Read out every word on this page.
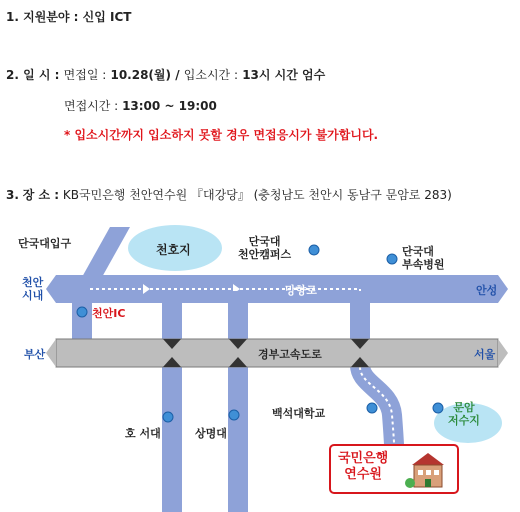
1. 지원분야 : 신입 ICT
2. 일 시 : 면접일 : 10.28(월) / 입소시간 : 13시 시간 엄수
면접시간 : 13:00 ~ 19:00
* 입소시간까지 입소하지 못할 경우 면접응시가 불가합니다.
3. 장 소 : KB국민은행 천안연수원 『대강당』 (충청남도 천안시 동남구 문암로 283)
단국대입구	천호지
단국대
천안캠퍼스	단국대
부속병원
천안
시내
천안IC
망향로	안성
부산	경부고속도로	서울
호 서대	상명대
백석대학교	문암
저수지
국민은행
연수원
